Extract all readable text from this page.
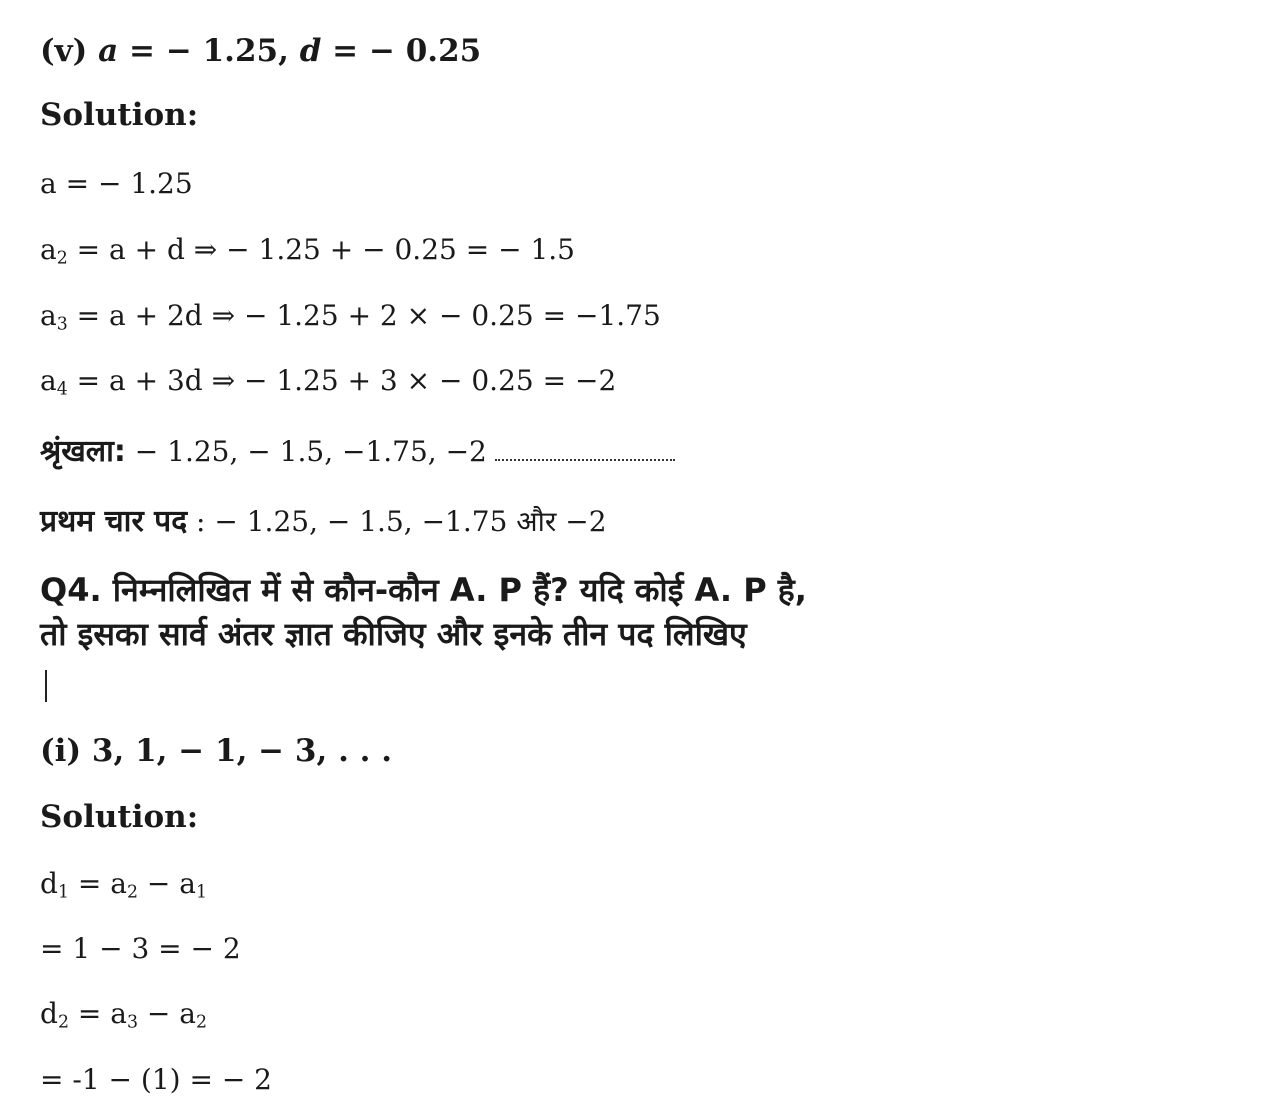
(v) a = − 1.25, d = − 0.25
Solution:
a = − 1.25
$a_2 = a + d$ ⇒ − 1.25 + − 0.25 = − 1.5
$a_3 = a + 2d$ ⇒ − 1.25 + 2 × − 0.25 = −1.75
$a_4 = a + 3d$ ⇒ − 1.25 + 3 × − 0.25 = −2
श्रृंखला: − 1.25, − 1.5, −1.75, −2
प्रथम चार पद : − 1.25, − 1.5, −1.75 और −2
Q4. निम्नलिखित में से कौन-कौन A. P हैं? यदि कोई A. P है,
तो इसका सार्व अंतर ज्ञात कीजिए और इनके तीन पद लिखिए
(i) 3, 1, − 1, − 3, . . .
Solution:
$d_1 = a_2 - a_1$
= 1 − 3 = − 2
$d_2 = a_3 - a_2$
= -1 − (1) = − 2
